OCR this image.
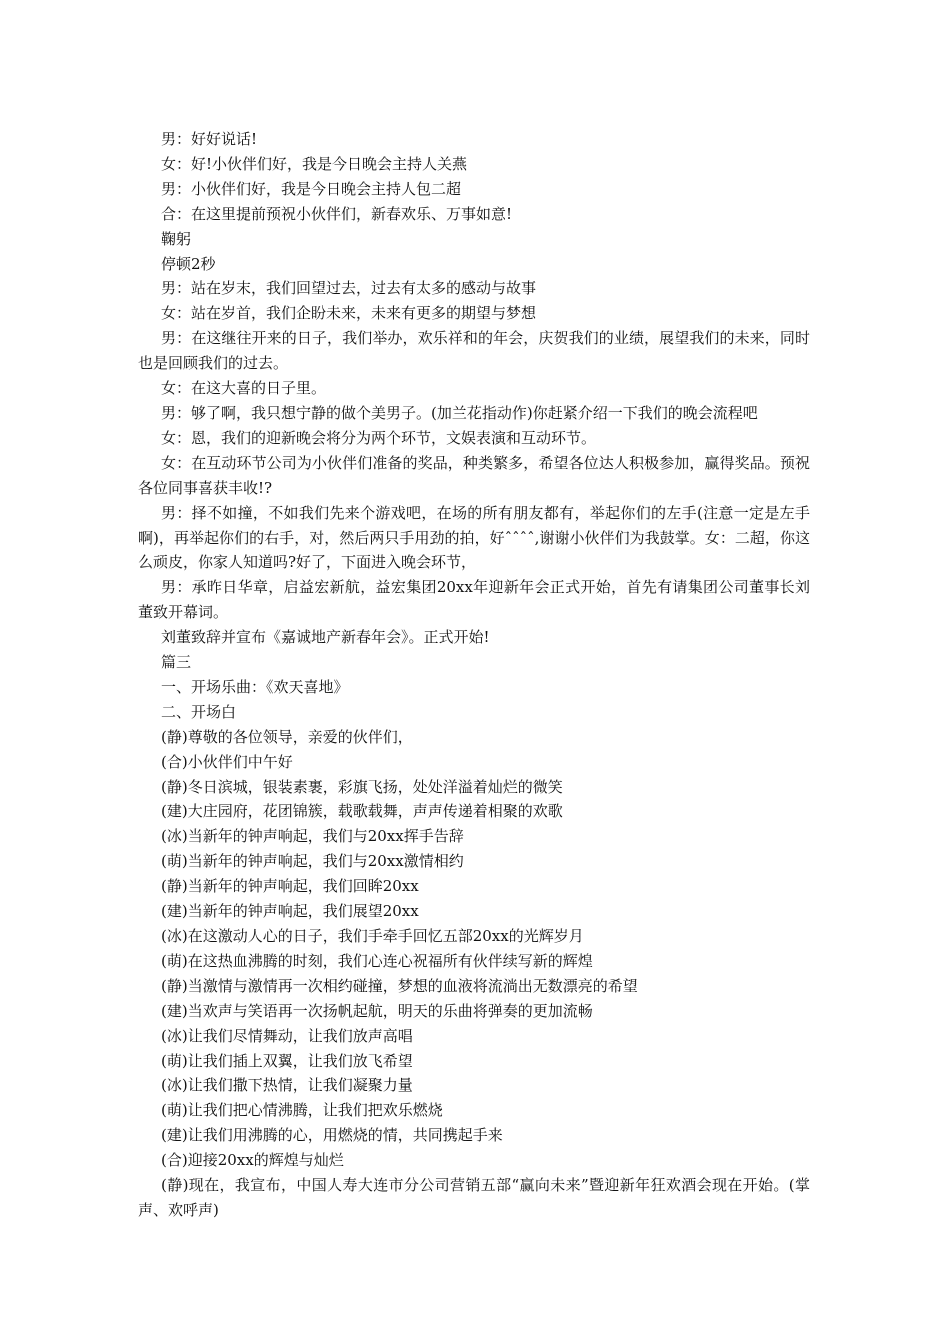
男：好好说话!

女：好!小伙伴们好，我是今日晚会主持人关燕

男：小伙伴们好，我是今日晚会主持人包二超

合：在这里提前预祝小伙伴们，新春欢乐、万事如意!

鞠躬

停顿2秒

男：站在岁末，我们回望过去，过去有太多的感动与故事

女：站在岁首，我们企盼未来，未来有更多的期望与梦想

男：在这继往开来的日子，我们举办，欢乐祥和的年会，庆贺我们的业绩，展望我们的未来，同时也是回顾我们的过去。

女：在这大喜的日子里。

男：够了啊，我只想宁静的做个美男子。(加兰花指动作)你赶紧介绍一下我们的晚会流程吧

女：恩，我们的迎新晚会将分为两个环节，文娱表演和互动环节。

女：在互动环节公司为小伙伴们准备的奖品，种类繁多，希望各位达人积极参加，赢得奖品。预祝各位同事喜获丰收!?

男：择不如撞，不如我们先来个游戏吧，在场的所有朋友都有，举起你们的左手(注意一定是左手啊)，再举起你们的右手，对，然后两只手用劲的拍，好ˆˆˆˆ,谢谢小伙伴们为我鼓掌。女：二超，你这么顽皮，你家人知道吗?好了，下面进入晚会环节，

男：承昨日华章，启益宏新航，益宏集团20xx年迎新年会正式开始，首先有请集团公司董事长刘董致开幕词。

刘董致辞并宣布《嘉诚地产新春年会》。正式开始!

篇三

一、开场乐曲：《欢天喜地》

二、开场白

(静)尊敬的各位领导，亲爱的伙伴们，

(合)小伙伴们中午好

(静)冬日滨城，银装素裹，彩旗飞扬，处处洋溢着灿烂的微笑

(建)大庄园府，花团锦簇，载歌载舞，声声传递着相聚的欢歌

(冰)当新年的钟声响起，我们与20xx挥手告辞

(萌)当新年的钟声响起，我们与20xx激情相约

(静)当新年的钟声响起，我们回眸20xx

(建)当新年的钟声响起，我们展望20xx

(冰)在这激动人心的日子，我们手牵手回忆五部20xx的光辉岁月

(萌)在这热血沸腾的时刻，我们心连心祝福所有伙伴续写新的辉煌

(静)当激情与激情再一次相约碰撞，梦想的血液将流淌出无数漂亮的希望

(建)当欢声与笑语再一次扬帆起航，明天的乐曲将弹奏的更加流畅

(冰)让我们尽情舞动，让我们放声高唱

(萌)让我们插上双翼，让我们放飞希望

(冰)让我们撒下热情，让我们凝聚力量

(萌)让我们把心情沸腾，让我们把欢乐燃烧

(建)让我们用沸腾的心，用燃烧的情，共同携起手来

(合)迎接20xx的辉煌与灿烂

(静)现在，我宣布，中国人寿大连市分公司营销五部“赢向未来”暨迎新年狂欢酒会现在开始。(掌声、欢呼声)
